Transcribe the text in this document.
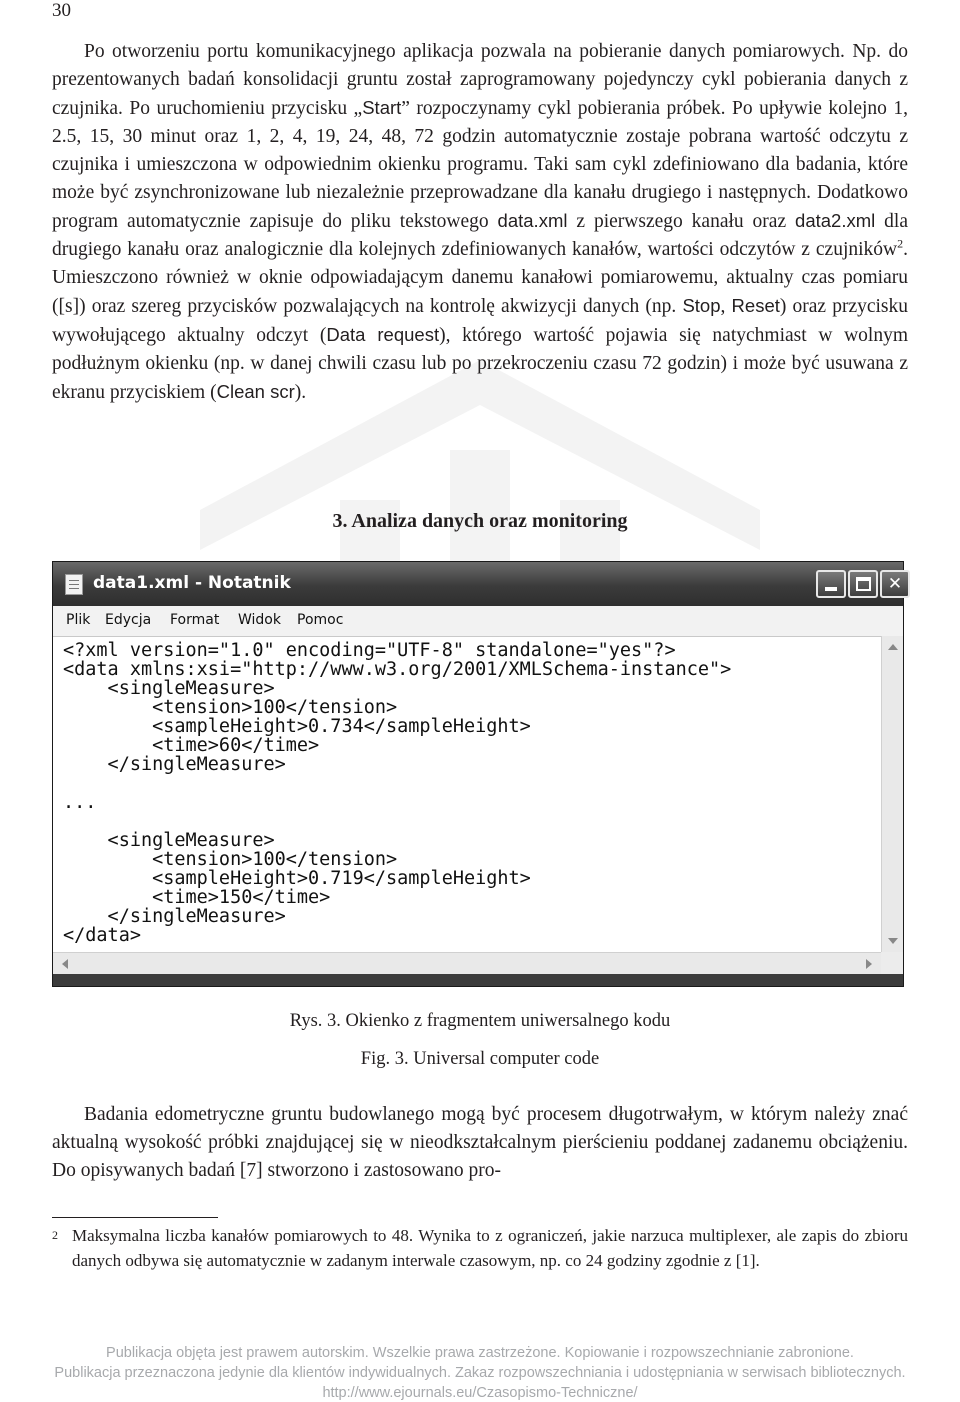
30
Po otworzeniu portu komunikacyjnego aplikacja pozwala na pobieranie danych pomiarowych. Np. do prezentowanych badań konsolidacji gruntu został zaprogramowany pojedynczy cykl pobierania danych z czujnika. Po uruchomieniu przycisku „Start” rozpoczynamy cykl pobierania próbek. Po upływie kolejno 1, 2.5, 15, 30 minut oraz 1, 2, 4, 19, 24, 48, 72 godzin automatycznie zostaje pobrana wartość odczytu z czujnika i umieszczona w odpowiednim okienku programu. Taki sam cykl zdefiniowano dla badania, które może być zsynchronizowane lub niezależnie przeprowadzane dla kanału drugiego i następnych. Dodatkowo program automatycznie zapisuje do pliku tekstowego data.xml z pierwszego kanału oraz data2.xml dla drugiego kanału oraz analogicznie dla kolejnych zdefiniowanych kanałów, wartości odczytów z czujników$^2$. Umieszczono również w oknie odpowiadającym danemu kanałowi pomiarowemu, aktualny czas pomiaru ([s]) oraz szereg przycisków pozwalających na kontrolę akwizycji danych (np. Stop, Reset) oraz przycisku wywołującego aktualny odczyt (Data request), którego wartość pojawia się natychmiast w wolnym podłużnym okienku (np. w danej chwili czasu lub po przekroczeniu czasu 72 godzin) i może być usuwana z ekranu przyciskiem (Clean scr).
3. Analiza danych oraz monitoring
data1.xml - Notatnik	✕
Plik Edycja Format Widok Pomoc
<?xml version="1.0" encoding="UTF-8" standalone="yes"?>
<data xmlns:xsi="http://www.w3.org/2001/XMLSchema-instance">
<singleMeasure>
<tension>100</tension>
<sampleHeight>0.734</sampleHeight>
<time>60</time>
</singleMeasure>
...
<singleMeasure>
<tension>100</tension>
<sampleHeight>0.719</sampleHeight>
<time>150</time>
</singleMeasure>
</data>
Rys. 3. Okienko z fragmentem uniwersalnego kodu
Fig. 3. Universal computer code
Badania edometryczne gruntu budowlanego mogą być procesem długotrwałym, w którym należy znać aktualną wysokość próbki znajdującej się w nieodkształcalnym pierścieniu poddanej zadanemu obciążeniu. Do opisywanych badań [7] stworzono i zastosowano pro-
2 Maksymalna liczba kanałów pomiarowych to 48. Wynika to z ograniczeń, jakie narzuca multiplexer, ale zapis do zbioru danych odbywa się automatycznie w zadanym interwale czasowym, np. co 24 godziny zgodnie z [1].
Publikacja objęta jest prawem autorskim. Wszelkie prawa zastrzeżone. Kopiowanie i rozpowszechnianie zabronione.
Publikacja przeznaczona jedynie dla klientów indywidualnych. Zakaz rozpowszechniania i udostępniania w serwisach bibliotecznych.
http://www.ejournals.eu/Czasopismo-Techniczne/
